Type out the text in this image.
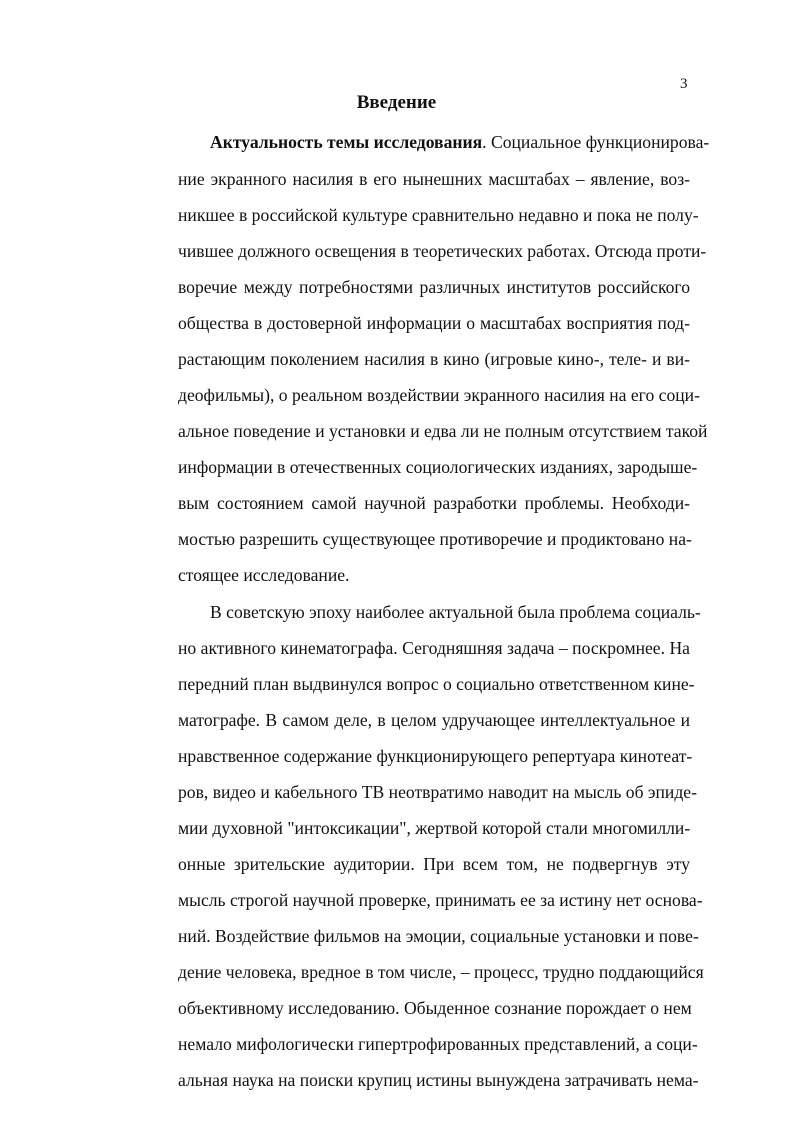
3
Введение
Актуальность темы исследования. Социальное функционирова-
ние экранного насилия в его нынешних масштабах – явление, воз-
никшее в российской культуре сравнительно недавно и пока не полу-
чившее должного освещения в теоретических работах. Отсюда проти-
воречие между потребностями различных институтов российского
общества в достоверной информации о масштабах восприятия под-
растающим поколением насилия в кино (игровые кино-, теле- и ви-
деофильмы), о реальном воздействии экранного насилия на его соци-
альное поведение и установки и едва ли не полным отсутствием такой
информации в отечественных социологических изданиях, зародыше-
вым состоянием самой научной разработки проблемы. Необходи-
мостью разрешить существующее противоречие и продиктовано на-
стоящее исследование.
В советскую эпоху наиболее актуальной была проблема социаль-
но активного кинематографа. Сегодняшняя задача – поскромнее. На
передний план выдвинулся вопрос о социально ответственном кине-
матографе. В самом деле, в целом удручающее интеллектуальное и
нравственное содержание функционирующего репертуара кинотеат-
ров, видео и кабельного ТВ неотвратимо наводит на мысль об эпиде-
мии духовной "интоксикации", жертвой которой стали многомилли-
онные зрительские аудитории. При всем том, не подвергнув эту
мысль строгой научной проверке, принимать ее за истину нет основа-
ний. Воздействие фильмов на эмоции, социальные установки и пове-
дение человека, вредное в том числе, – процесс, трудно поддающийся
объективному исследованию. Обыденное сознание порождает о нем
немало мифологически гипертрофированных представлений, а соци-
альная наука на поиски крупиц истины вынуждена затрачивать нема-
